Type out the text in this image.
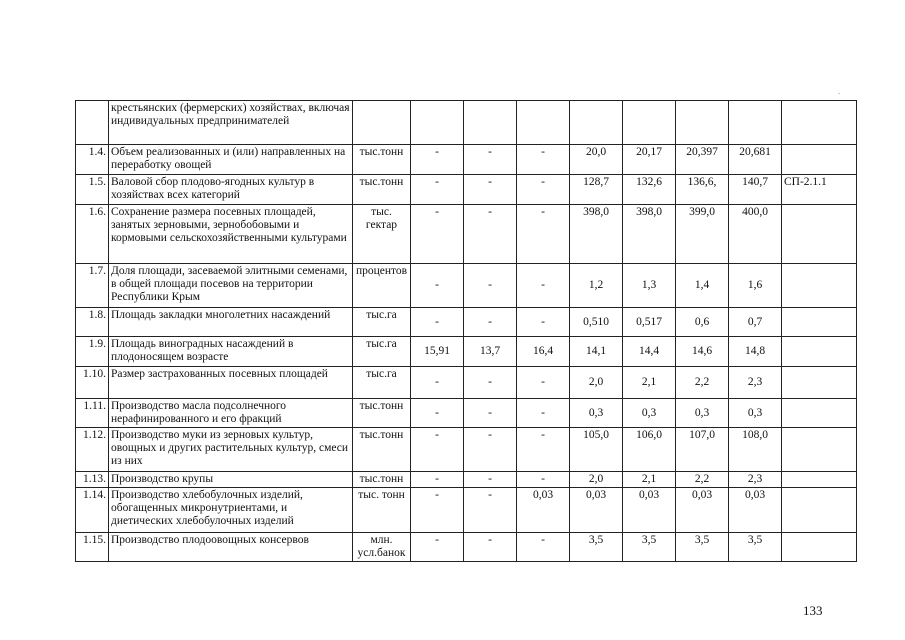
	крестьянских (фермерских) хозяйствах, включая индивидуальных предпринимателей									
1.4.	Объем реализованных и (или) направленных на переработку овощей	тыс.тонн	-	-	-	20,0	20,17	20,397	20,681	
1.5.	Валовой сбор плодово-ягодных культур в хозяйствах всех категорий	тыс.тонн	-	-	-	128,7	132,6	136,6,	140,7	СП-2.1.1
1.6.	Сохранение размера посевных площадей, занятых зерновыми, зернобобовыми и кормовыми сельскохозяйственными культурами	тыс. гектар	-	-	-	398,0	398,0	399,0	400,0	
1.7.	Доля площади, засеваемой элитными семенами, в общей площади посевов на территории Республики Крым	процентов	-	-	-	1,2	1,3	1,4	1,6	
1.8.	Площадь закладки многолетних насаждений	тыс.га	-	-	-	0,510	0,517	0,6	0,7	
1.9.	Площадь виноградных насаждений в плодоносящем возрасте	тыс.га	15,91	13,7	16,4	14,1	14,4	14,6	14,8	
1.10.	Размер застрахованных посевных площадей	тыс.га	-	-	-	2,0	2,1	2,2	2,3	
1.11.	Производство масла подсолнечного нерафинированного и его фракций	тыс.тонн	-	-	-	0,3	0,3	0,3	0,3	
1.12.	Производство муки из зерновых культур, овощных и других растительных культур, смеси из них	тыс.тонн	-	-	-	105,0	106,0	107,0	108,0	
1.13.	Производство крупы	тыс.тонн	-	-	-	2,0	2,1	2,2	2,3	
1.14.	Производство хлебобулочных изделий, обогащенных микронутриентами, и диетических хлебобулочных изделий	тыс. тонн	-	-	0,03	0,03	0,03	0,03	0,03	
1.15.	Производство плодоовощных консервов	млн. усл.банок	-	-	-	3,5	3,5	3,5	3,5	
133
.
